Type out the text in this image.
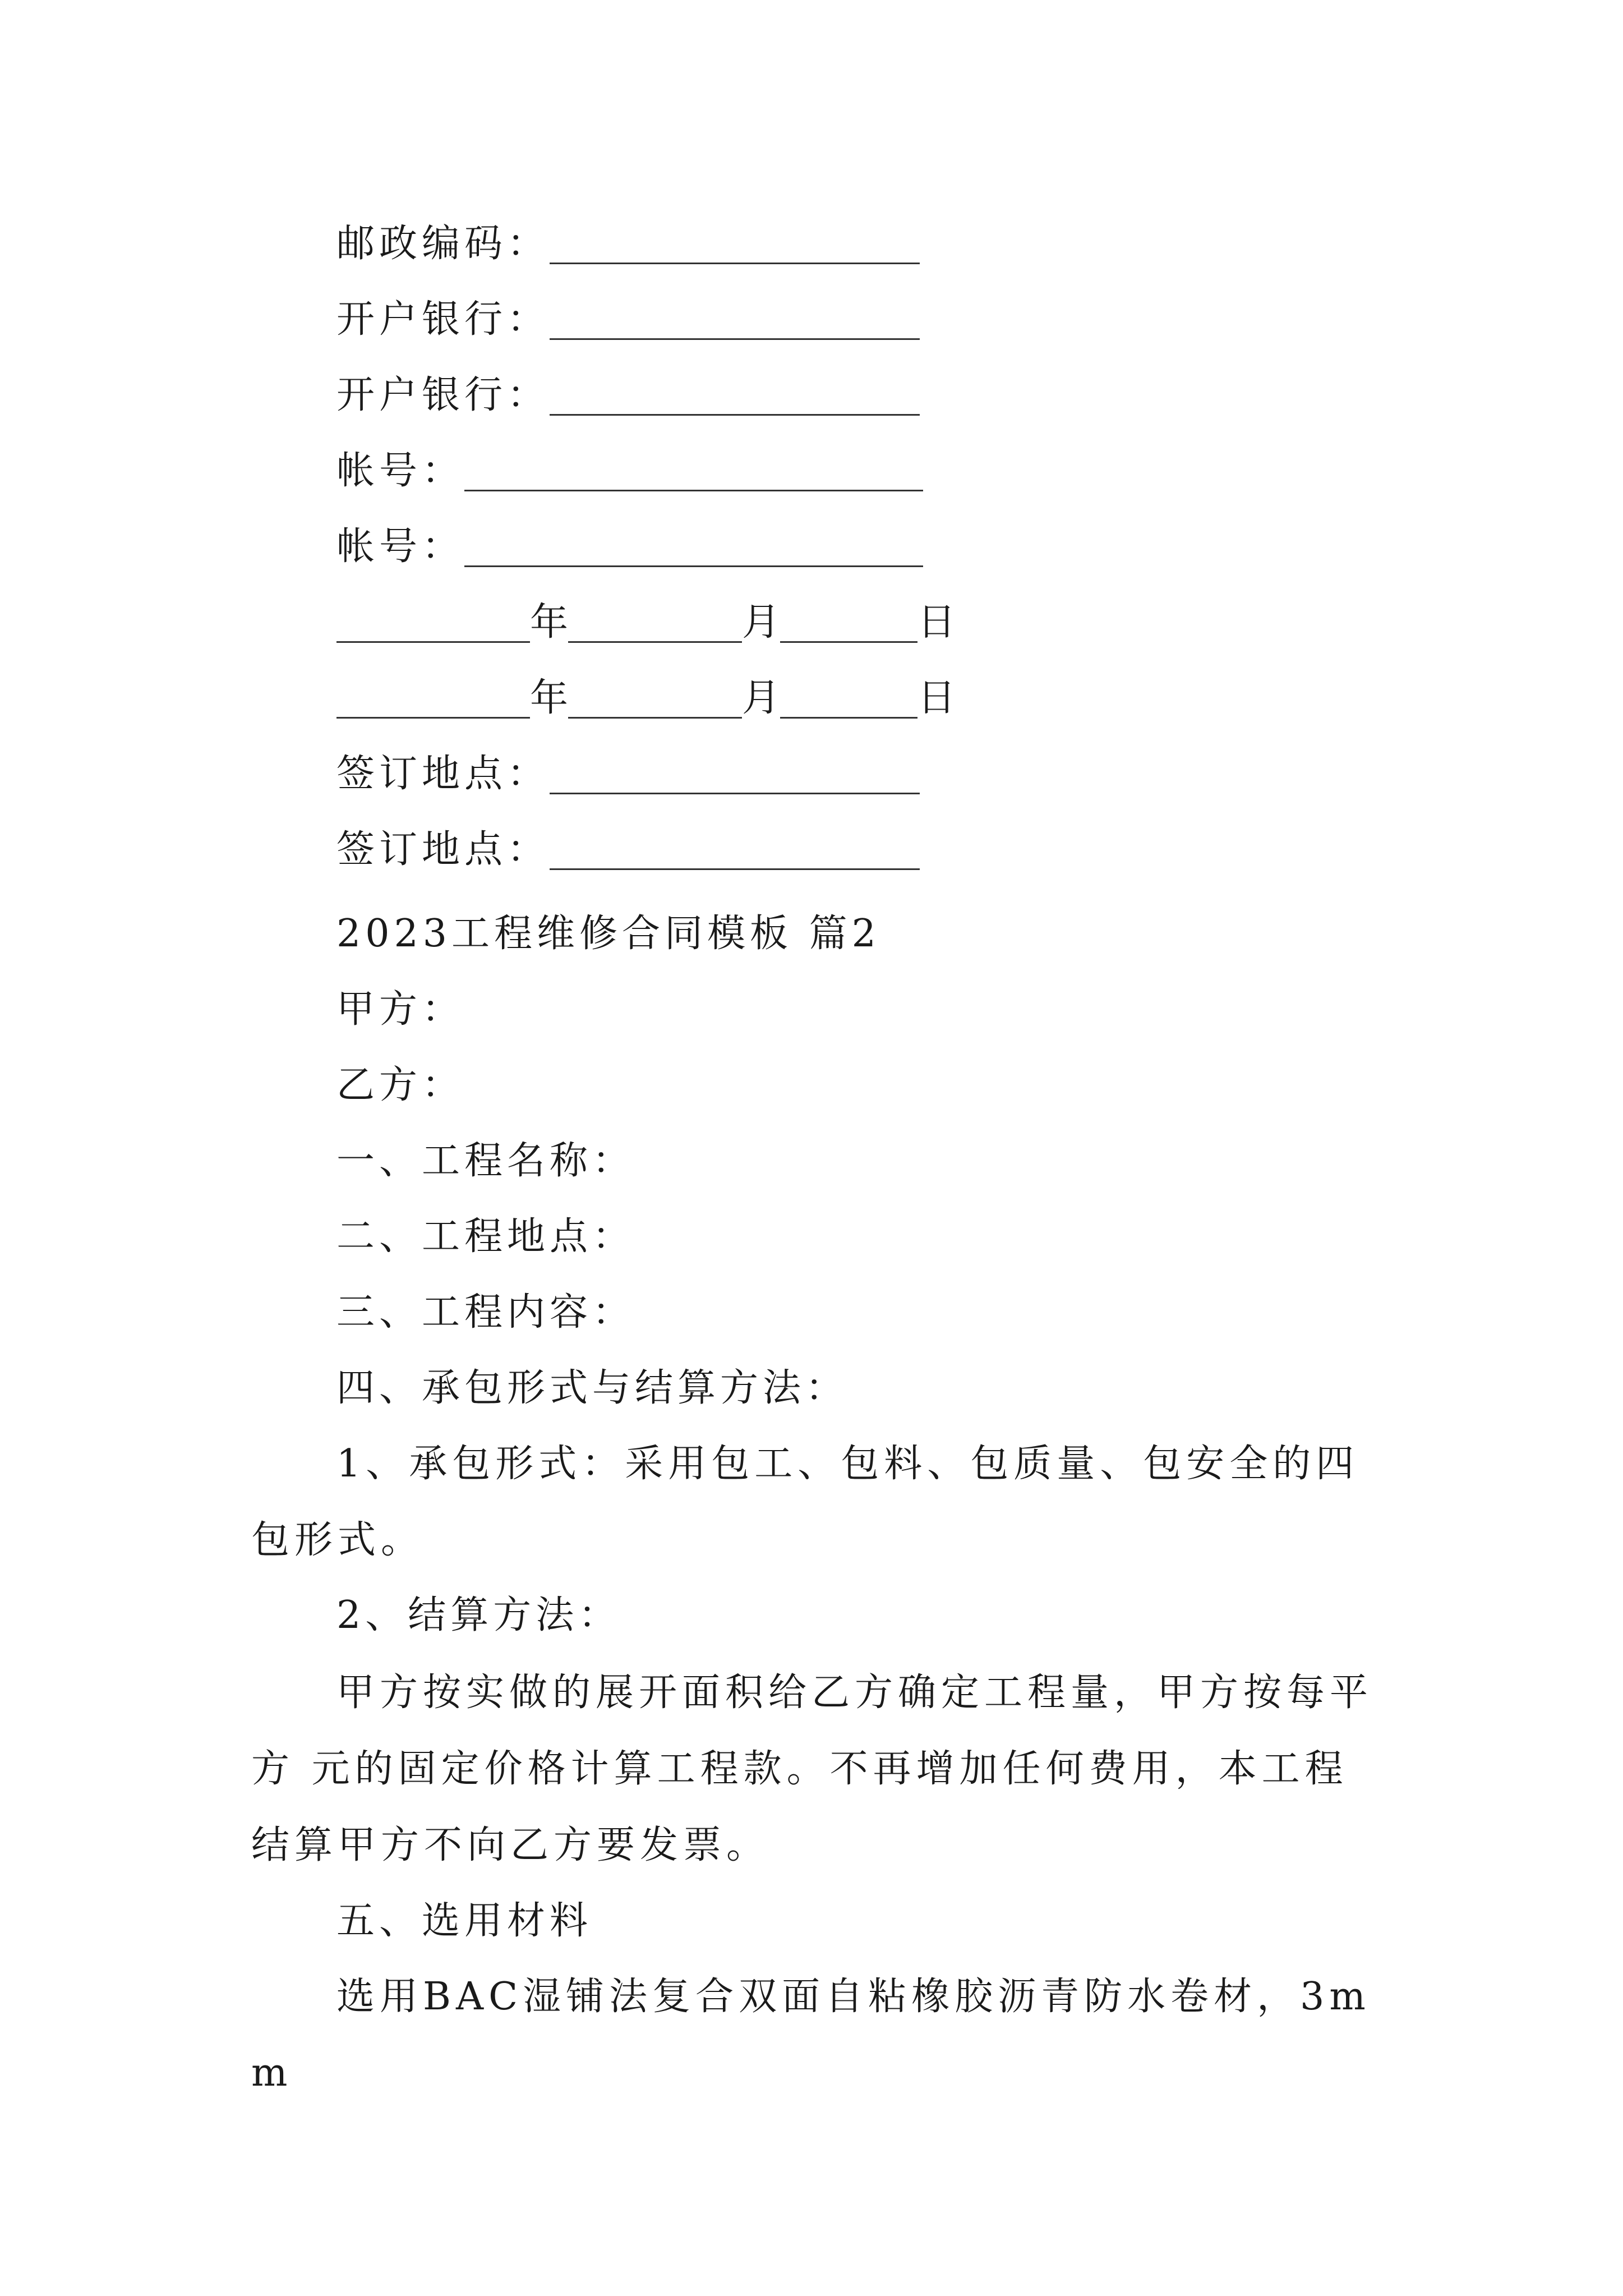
邮政编码：
开户银行：
开户银行：
帐号：
帐号：
年	月	日
年	月	日
签订地点：
签订地点：
2023工程维修合同模板 篇2
甲方：
乙方：
一、工程名称：
二、工程地点：
三、工程内容：
四、承包形式与结算方法：
1、承包形式：采用包工、包料、包质量、包安全的四包形式。
2、结算方法：
甲方按实做的展开面积给乙方确定工程量，甲方按每平方 元的固定价格计算工程款。不再增加任何费用，本工程结算甲方不向乙方要发票。
五、选用材料
选用BAC湿铺法复合双面自粘橡胶沥青防水卷材，3mm
